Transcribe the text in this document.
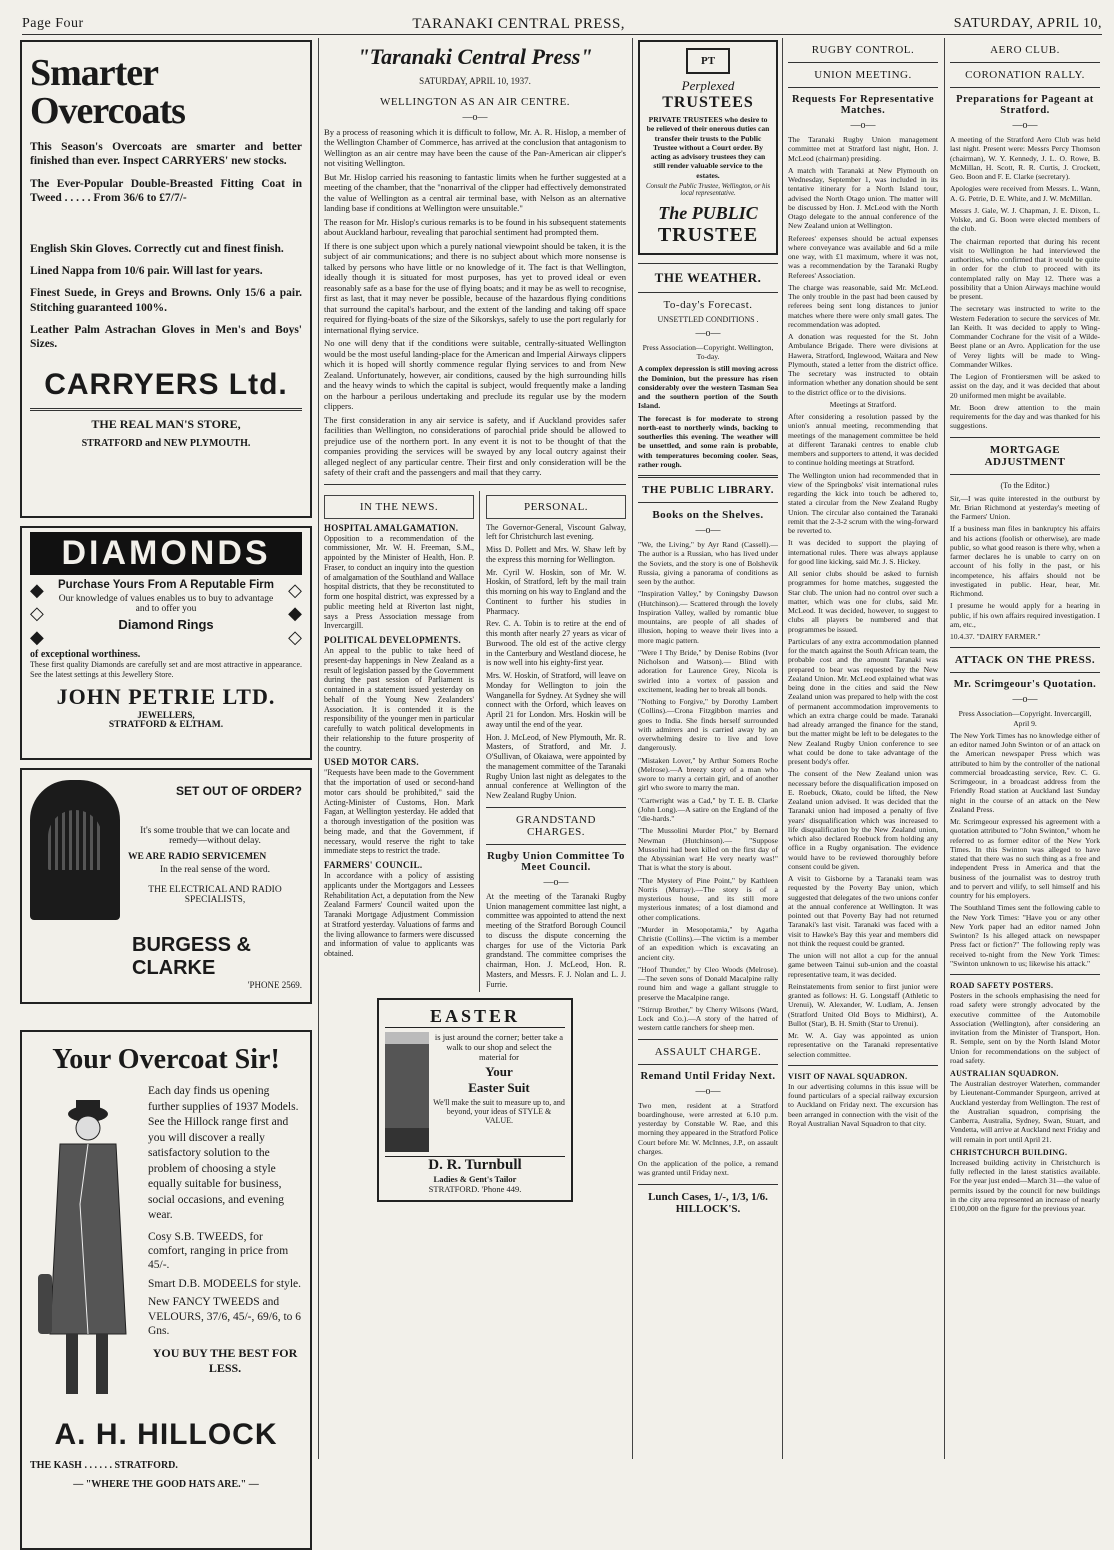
Page Four	TARANAKI CENTRAL PRESS,	SATURDAY, APRIL 10,
Smarter Overcoats

This Season's Overcoats are smarter and better finished than ever. Inspect CARRYERS' new stocks.

The Ever-Popular Double-Breasted Fitting Coat in Tweed . . . . . From 36/6 to £7/7/-

English Skin Gloves. Correctly cut and finest finish.

Lined Nappa from 10/6 pair. Will last for years.

Finest Suede, in Greys and Browns. Only 15/6 a pair. Stitching guaranteed 100%.

Leather Palm Astrachan Gloves in Men's and Boys' Sizes.

CARRYERS Ltd.
THE REAL MAN'S STORE,
STRATFORD and NEW PLYMOUTH.
DIAMONDS
◆
◇
◆
Purchase Yours From A Reputable Firm
Our knowledge of values enables us to buy to advantage and to offer you
Diamond Rings
◇
◆
◇
of exceptional worthiness.
These first quality Diamonds are carefully set and are most attractive in appearance. See the latest settings at this Jewellery Store.
JOHN PETRIE LTD.
JEWELLERS,
STRATFORD & ELTHAM.
SET OUT OF ORDER?
It's some trouble that we can locate and remedy—without delay.
WE ARE RADIO SERVICEMEN
In the real sense of the word.
THE ELECTRICAL AND RADIO SPECIALISTS,
BURGESS & CLARKE
'PHONE 2569.
Your Overcoat Sir!

Each day finds us opening further supplies of 1937 Models. See the Hillock range first and you will discover a really satisfactory solution to the problem of choosing a style equally suitable for business, social occasions, and evening wear.

Cosy S.B. TWEEDS, for comfort, ranging in price from 45/-.

Smart D.B. MODEELS for style.

New FANCY TWEEDS and VELOURS, 37/6, 45/-, 69/6, to 6 Gns.

YOU BUY THE BEST FOR LESS.

A. H. HILLOCK
THE KASH . . . . . . STRATFORD.
— "WHERE THE GOOD HATS ARE." —
"Taranaki Central Press"
SATURDAY, APRIL 10, 1937.
WELLINGTON AS AN AIR CENTRE.
—o—

By a process of reasoning which it is difficult to follow, Mr. A. R. Hislop, a member of the Wellington Chamber of Commerce, has arrived at the conclusion that antagonism to Wellington as an air centre may have been the cause of the Pan-American air clipper's not visiting Wellington.

But Mr. Hislop carried his reasoning to fantastic limits when he further suggested at a meeting of the chamber, that the "nonarrival of the clipper had effectively demonstrated the value of Wellington as a central air terminal base, with Nelson as an alternative landing base if conditions at Wellington were unsuitable."

The reason for Mr. Hislop's curious remarks is to be found in his subsequent statements about Auckland harbour, revealing that parochial sentiment had prompted them.

If there is one subject upon which a purely national viewpoint should be taken, it is the subject of air communications; and there is no subject about which more nonsense is talked by persons who have little or no knowledge of it. The fact is that Wellington, ideally though it is situated for most purposes, has yet to proved ideal or even reasonably safe as a base for the use of flying boats; and it may be as well to recognise, first as last, that it may never be possible, because of the hazardous flying conditions that surround the capital's harbour, and the extent of the landing and taking off space required for flying-boats of the size of the Sikorskys, safely to use the port regularly for international flying service.

No one will deny that if the conditions were suitable, centrally-situated Wellington would be the most useful landing-place for the American and Imperial Airways clippers which it is hoped will shortly commence regular flying services to and from New Zealand. Unfortunately, however, air conditions, caused by the high surrounding hills and the heavy winds to which the capital is subject, would frequently make a landing on the harbour a perilous undertaking and preclude its regular use by the modern clippers.

The first consideration in any air service is safety, and if Auckland provides safer facilities than Wellington, no considerations of parochial pride should be allowed to prejudice use of the northern port. In any event it is not to be thought of that the companies providing the services will be swayed by any local outcry against their alleged neglect of any particular centre. Their first and only consideration will be the safety of their craft and the passengers and mail that they carry.

IN THE NEWS.
HOSPITAL AMALGAMATION.

Opposition to a recommendation of the commissioner, Mr. W. H. Freeman, S.M., appointed by the Minister of Health, Hon. P. Fraser, to conduct an inquiry into the question of amalgamation of the Southland and Wallace hospital districts, that they be reconstituted to form one hospital district, was expressed by a public meeting held at Riverton last night, says a Press Association message from Invercargill.

POLITICAL DEVELOPMENTS.

An appeal to the public to take heed of present-day happenings in New Zealand as a result of legislation passed by the Government during the past session of Parliament is contained in a statement issued yesterday on behalf of the Young New Zealanders' Association. It is contended it is the responsibility of the younger men in particular carefully to watch political developments in their relationship to the future prosperity of the country.

USED MOTOR CARS.

"Requests have been made to the Government that the importation of used or second-hand motor cars should be prohibited," said the Acting-Minister of Customs, Hon. Mark Fagan, at Wellington yesterday. He added that a thorough investigation of the position was being made, and that the Government, if necessary, would reserve the right to take immediate steps to restrict the trade.

FARMERS' COUNCIL.

In accordance with a policy of assisting applicants under the Mortgagors and Lessees Rehabilitation Act, a deputation from the New Zealand Farmers' Council waited upon the Taranaki Mortgage Adjustment Commission at Stratford yesterday. Valuations of farms and the living allowance to farmers were discussed and information of value to applicants was obtained.

PERSONAL.

The Governor-General, Viscount Galway, left for Christchurch last evening.

Miss D. Pollett and Mrs. W. Shaw left by the express this morning for Wellington.

Mr. Cyril W. Hoskin, son of Mr. W. Hoskin, of Stratford, left by the mail train this morning on his way to England and the Continent to further his studies in Pharmacy.

Rev. C. A. Tobin is to retire at the end of this month after nearly 27 years as vicar of Burwood. The old est of the active clergy in the Canterbury and Westland diocese, he is now well into his eighty-first year.

Mrs. W. Hoskin, of Stratford, will leave on Monday for Wellington to join the Wanganella for Sydney. At Sydney she will connect with the Orford, which leaves on April 21 for London. Mrs. Hoskin will be away until the end of the year.

Hon. J. McLeod, of New Plymouth, Mr. R. Masters, of Stratford, and Mr. J. O'Sullivan, of Okaiawa, were appointed by the management committee of the Taranaki Rugby Union last night as delegates to the annual conference at Wellington of the New Zealand Rugby Union.

GRANDSTAND CHARGES.
Rugby Union Committee To Meet Council.
—o—

At the meeting of the Taranaki Rugby Union management committee last night, a committee was appointed to attend the next meeting of the Stratford Borough Council to discuss the dispute concerning the charges for use of the Victoria Park grandstand. The committee comprises the chairman, Hon. J. McLeod, Hon. R. Masters, and Messrs. F. J. Nolan and L. J. Furrie.

EASTER
is just around the corner; better take a walk to our shop and select the material for
Your
Easter Suit
We'll make the suit to measure up to, and beyond, your ideas of STYLE & VALUE.
D. R. Turnbull
Ladies & Gent's Tailor
STRATFORD. 'Phone 449.
PT
Perplexed
TRUSTEES
PRIVATE TRUSTEES who desire to be relieved of their onerous duties can transfer their trusts to the Public Trustee without a Court order. By acting as advisory trustees they can still render valuable service to the estates.
Consult the Public Trustee, Wellington, or his local representative.
The PUBLIC
TRUSTEE
THE WEATHER.
To-day's Forecast.
UNSETTLED CONDITIONS .
—o—

Press Association—Copyright. Wellington, To-day.

A complex depression is still moving across the Dominion, but the pressure has risen considerably over the western Tasman Sea and the southern portion of the South Island.

The forecast is for moderate to strong north-east to northerly winds, backing to southerlies this evening. The weather will be unsettled, and some rain is probable, with temperatures becoming cooler. Seas, rather rough.

THE PUBLIC LIBRARY.
Books on the Shelves.
—o—

"We, the Living," by Ayr Rand (Cassell).—The author is a Russian, who has lived under the Soviets, and the story is one of Bolshevik Russia, giving a panorama of conditions as seen by the author.

"Inspiration Valley," by Coningsby Dawson (Hutchinson).— Scattered through the lovely Inspiration Valley, walled by romantic blue mountains, are people of all shades of illusion, hoping to weave their lives into a more magic pattern.

"Were I Thy Bride," by Denise Robins (Ivor Nicholson and Watson).— Blind with adoration for Laurence Grey, Nicola is swirled into a vortex of passion and excitement, leading her to break all bonds.

"Nothing to Forgive," by Dorothy Lambert (Collins).—Crona Fitzgibbon marries and goes to India. She finds herself surrounded with admirers and is carried away by an overwhelming desire to live and love dangerously.

"Mistaken Lover," by Arthur Somers Roche (Melrose).—A breezy story of a man who swore to marry a certain girl, and of another girl who swore to marry the man.

"Cartwright was a Cad," by T. E. B. Clarke (John Long).—A satire on the England of the "die-hards."

"The Mussolini Murder Plot," by Bernard Newman (Hutchinson).— "Suppose Mussolini had been killed on the first day of the Abyssinian war! He very nearly was!" That is what the story is about.

"The Mystery of Pine Point," by Kathleen Norris (Murray).—The story is of a mysterious house, and its still more mysterious inmates; of a lost diamond and other complications.

"Murder in Mesopotamia," by Agatha Christie (Collins).—The victim is a member of an expedition which is excavating an ancient city.

"Hoof Thunder," by Cleo Woods (Melrose).—The seven sons of Donald Macalpine rally round him and wage a gallant struggle to preserve the Macalpine range.

"Stirrup Brother," by Cherry Wilsons (Ward, Lock and Co.).—A story of the hatred of western cattle ranchers for sheep men.

ASSAULT CHARGE.
Remand Until Friday Next.
—o—

Two men, resident at a Stratford boardinghouse, were arrested at 6.10 p.m. yesterday by Constable W. Rae, and this morning they appeared in the Stratford Police Court before Mr. W. McInnes, J.P., on assault charges.

On the application of the police, a remand was granted until Friday next.

Lunch Cases, 1/-, 1/3, 1/6.
HILLOCK'S.
RUGBY CONTROL.
UNION MEETING.
Requests For Representative Matches.
—o—

The Taranaki Rugby Union management committee met at Stratford last night, Hon. J. McLeod (chairman) presiding.

A match with Taranaki at New Plymouth on Wednesday, September 1, was included in its tentative itinerary for a North Island tour, advised the North Otago union. The matter will be discussed by Hon. J. McLeod with the North Otago delegate to the annual conference of the New Zealand union at Wellington.

Referees' expenses should be actual expenses where conveyance was available and 6d a mile one way, with £1 maximum, where it was not, was a recommendation by the Taranaki Rugby Referees' Association.

The charge was reasonable, said Mr. McLeod. The only trouble in the past had been caused by referees being sent long distances to junior matches where there were only small gates. The recommendation was adopted.

A donation was requested for the St. John Ambulance Brigade. There were divisions at Hawera, Stratford, Inglewood, Waitara and New Plymouth, stated a letter from the district office. The secretary was instructed to obtain information whether any donation should be sent to the district office or to the divisions.

Meetings at Stratford.

After considering a resolution passed by the union's annual meeting, recommending that meetings of the management committee be held at different Taranaki centres to enable club members and supporters to attend, it was decided to continue holding meetings at Stratford.

The Wellington union had recommended that in view of the Springboks' visit international rules regarding the kick into touch be adhered to, stated a circular from the New Zealand Rugby Union. The circular also contained the Taranaki remit that the 2-3-2 scrum with the wing-forward be reverted to.

It was decided to support the playing of international rules. There was always applause for good line kicking, said Mr. J. S. Hickey.

All senior clubs should be asked to furnish programmes for home matches, suggested the Star club. The union had no control over such a matter, which was one for clubs, said Mr. McLeod. It was decided, however, to suggest to clubs all players be numbered and that programmes be issued.

Particulars of any extra accommodation planned for the match against the South African team, the probable cost and the amount Taranaki was prepared to bear was requested by the New Zealand Union. Mr. McLeod explained what was being done in the cities and said the New Zealand union was prepared to help with the cost of permanent accommodation improvements to which an extra charge could be made. Taranaki had already arranged the finance for the stand, but the matter might be left to be delegates to the New Zealand Rugby Union conference to see what could be done to take advantage of the present body's offer.

The consent of the New Zealand union was necessary before the disqualification imposed on E. Roebuck, Okato, could be lifted, the New Zealand union advised. It was decided that the Taranaki union had imposed a penalty of five years' disqualification which was increased to life disqualification by the New Zealand union, which also declared Roebuck from holding any office in a Rugby organisation. The evidence would have to be reviewed thoroughly before consent could be given.

A visit to Gisborne by a Taranaki team was requested by the Poverty Bay union, which suggested that delegates of the two unions confer at the annual conference at Wellington. It was pointed out that Poverty Bay had not returned Taranaki's last visit. Taranaki was faced with a visit to Hawke's Bay this year and members did not think the request could be granted.

The union will not allot a cup for the annual game between Tainui sub-union and the coastal representative team, it was decided.

Reinstatements from senior to first junior were granted as follows: H. G. Longstaff (Athletic to Urenui), W. Alexander, W. Ludlam, A. Jensen (Stratford United Old Boys to Midhirst), A. Bullot (Star), B. H. Smith (Star to Urenui).

Mr. W. A. Gay was appointed as union representative on the Taranaki representative selection committee.

VISIT OF NAVAL SQUADRON.

In our advertising columns in this issue will be found particulars of a special railway excursion to Auckland on Friday next. The excursion has been arranged in connection with the visit of the Royal Australian Naval Squadron to that city.

AERO CLUB.
CORONATION RALLY.
Preparations for Pageant at Stratford.
—o—

A meeting of the Stratford Aero Club was held last night. Present were: Messrs Percy Thomson (chairman), W. Y. Kennedy, J. L. O. Rowe, B. McMillan, H. Scott, R. R. Curtis, J. Crockett, Geo. Boon and F. E. Clarke (secretary).

Apologies were received from Messrs. L. Wann, A. G. Petrie, D. E. White, and J. W. McMillan.

Messrs J. Gale, W. J. Chapman, J. E. Dixon, L. Volske, and G. Boon were elected members of the club.

The chairman reported that during his recent visit to Wellington he had interviewed the authorities, who confirmed that it would be quite in order for the club to proceed with its contemplated rally on May 12. There was a possibility that a Union Airways machine would be present.

The secretary was instructed to write to the Western Federation to secure the services of Mr. Ian Keith. It was decided to apply to Wing-Commander Cochrane for the visit of a Wilde-Beest plane or an Avro. Application for the use of Verey lights will be made to Wing-Commander Wilkes.

The Legion of Frontiersmen will be asked to assist on the day, and it was decided that about 20 uniformed men might be available.

Mr. Boon drew attention to the main requirements for the day and was thanked for his suggestions.

MORTGAGE ADJUSTMENT
(To the Editor.)

Sir,—I was quite interested in the outburst by Mr. Brian Richmond at yesterday's meeting of the Farmers' Union.

If a business man files in bankruptcy his affairs and his actions (foolish or otherwise), are made public, so what good reason is there why, when a farmer declares he is unable to carry on on account of his folly in the past, or his incompetence, his affairs should not be investigated in public. Hear, hear, Mr. Richmond.

I presume he would apply for a hearing in public, if his own affairs required investigation. I am, etc.,

10.4.37. "DAIRY FARMER."

ATTACK ON THE PRESS.
Mr. Scrimgeour's Quotation.
—o—

Press Association—Copyright. Invercargill, April 9.

The New York Times has no knowledge either of an editor named John Swinton or of an attack on the American newspaper Press which was attributed to him by the controller of the national commercial broadcasting service, Rev. C. G. Scrimgeour, in a broadcast address from the Friendly Road station at Auckland last Sunday night in the course of an attack on the New Zealand Press.

Mr. Scrimgeour expressed his agreement with a quotation attributed to "John Swinton," whom he referred to as former editor of the New York Times. In this Swinton was alleged to have stated that there was no such thing as a free and independent Press in America and that the business of the journalist was to destroy truth and to pervert and vilify, to sell himself and his country for his employers.

The Southland Times sent the following cable to the New York Times: "Have you or any other New York paper had an editor named John Swinton? Is his alleged attack on newspaper Press fact or fiction?" The following reply was received to-night from the New York Times: "Swinton unknown to us; likewise his attack."

ROAD SAFETY POSTERS.

Posters in the schools emphasising the need for road safety were strongly advocated by the executive committee of the Automobile Association (Wellington), after considering an invitation from the Minister of Transport, Hon. R. Semple, sent on by the North Island Motor Union for recommendations on the subject of road safety.

AUSTRALIAN SQUADRON.

The Australian destroyer Waterhen, commander by Lieutenant-Commander Spurgeon, arrived at Auckland yesterday from Wellington. The rest of the Australian squadron, comprising the Canberra, Australia, Sydney, Swan, Stuart, and Vendetta, will arrive at Auckland next Friday and will remain in port until April 21.

CHRISTCHURCH BUILDING.

Increased building activity in Christchurch is fully reflected in the latest statistics available. For the year just ended—March 31—the value of permits issued by the council for new buildings in the city area represented an increase of nearly £100,000 on the figure for the previous year.
